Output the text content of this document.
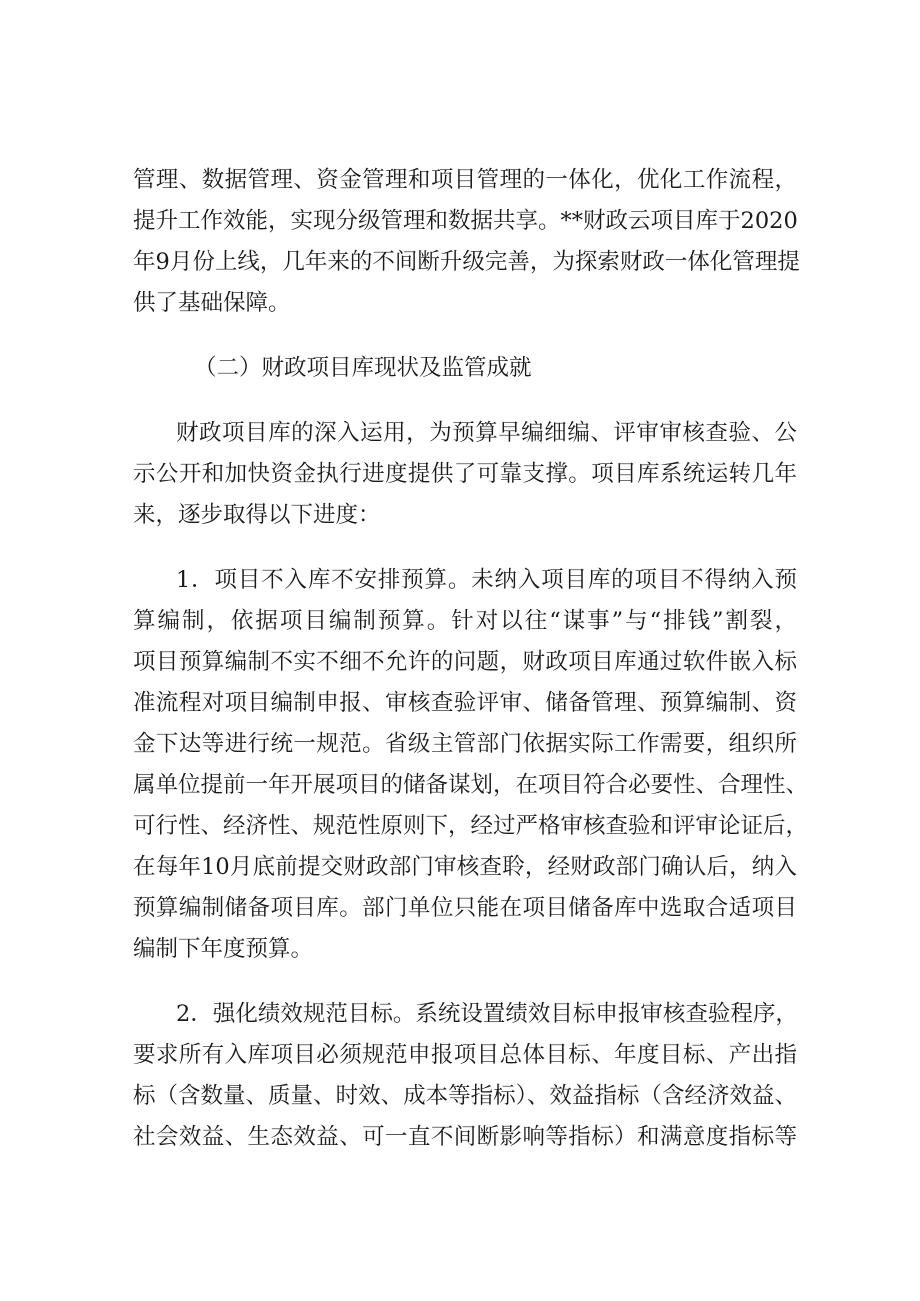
管理、数据管理、资金管理和项目管理的一体化，优化工作流程，
提升工作效能，实现分级管理和数据共享。**财政云项目库于2020
年9月份上线，几年来的不间断升级完善，为探索财政一体化管理提
供了基础保障。
（二）财政项目库现状及监管成就
财政项目库的深入运用，为预算早编细编、评审审核查验、公
示公开和加快资金执行进度提供了可靠支撑。项目库系统运转几年
来，逐步取得以下进度：
1．项目不入库不安排预算。未纳入项目库的项目不得纳入预
算编制，依据项目编制预算。针对以往“谋事”与“排钱”割裂，
项目预算编制不实不细不允许的问题，财政项目库通过软件嵌入标
准流程对项目编制申报、审核查验评审、储备管理、预算编制、资
金下达等进行统一规范。省级主管部门依据实际工作需要，组织所
属单位提前一年开展项目的储备谋划，在项目符合必要性、合理性、
可行性、经济性、规范性原则下，经过严格审核查验和评审论证后，
在每年10月底前提交财政部门审核查聆，经财政部门确认后，纳入
预算编制储备项目库。部门单位只能在项目储备库中选取合适项目
编制下年度预算。
2．强化绩效规范目标。系统设置绩效目标申报审核查验程序，
要求所有入库项目必须规范申报项目总体目标、年度目标、产出指
标（含数量、质量、时效、成本等指标）、效益指标（含经济效益、
社会效益、生态效益、可一直不间断影响等指标）和满意度指标等
